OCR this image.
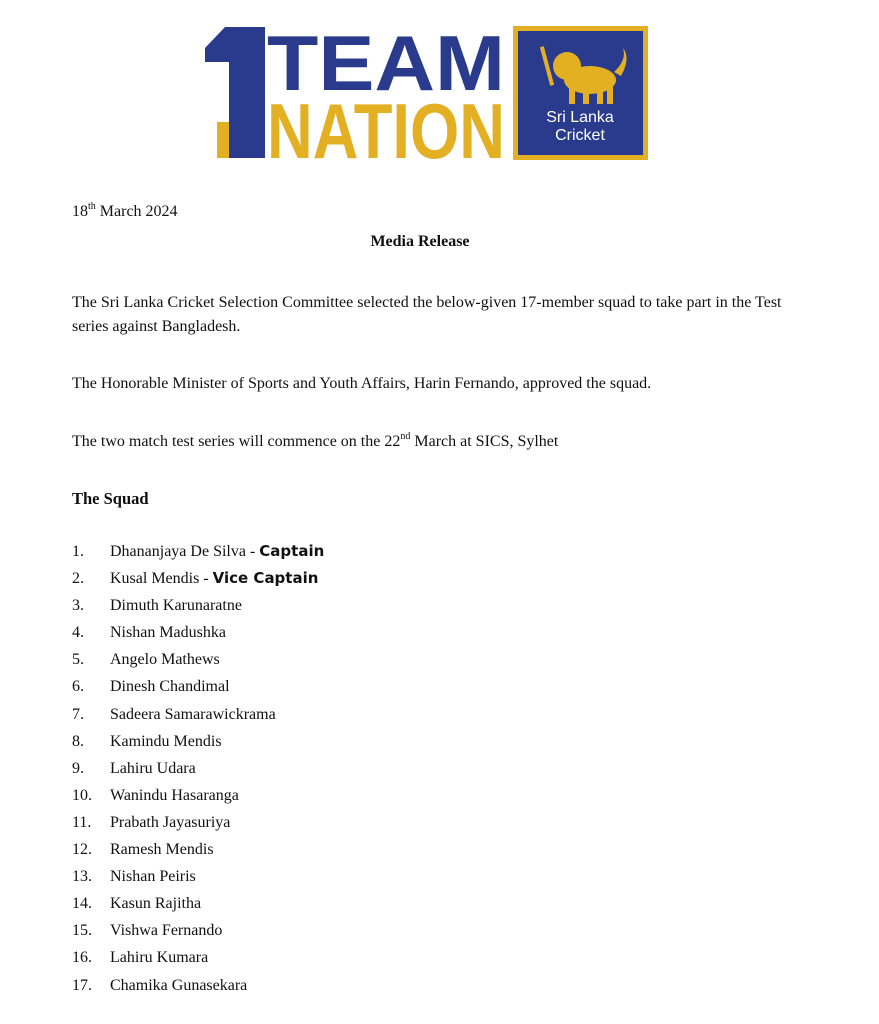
TEAM
NATION	Sri Lanka
Cricket
18th March 2024
Media Release

The Sri Lanka Cricket Selection Committee selected the below-given 17-member squad to take part in the Test series against Bangladesh.

The Honorable Minister of Sports and Youth Affairs, Harin Fernando, approved the squad.

The two match test series will commence on the 22nd March at SICS, Sylhet

The Squad
1. Dhananjaya De Silva - Captain
2. Kusal Mendis - Vice Captain
3. Dimuth Karunaratne
4. Nishan Madushka
5. Angelo Mathews
6. Dinesh Chandimal
7. Sadeera Samarawickrama
8. Kamindu Mendis
9. Lahiru Udara
10. Wanindu Hasaranga
11. Prabath Jayasuriya
12. Ramesh Mendis
13. Nishan Peiris
14. Kasun Rajitha
15. Vishwa Fernando
16. Lahiru Kumara
17. Chamika Gunasekara
